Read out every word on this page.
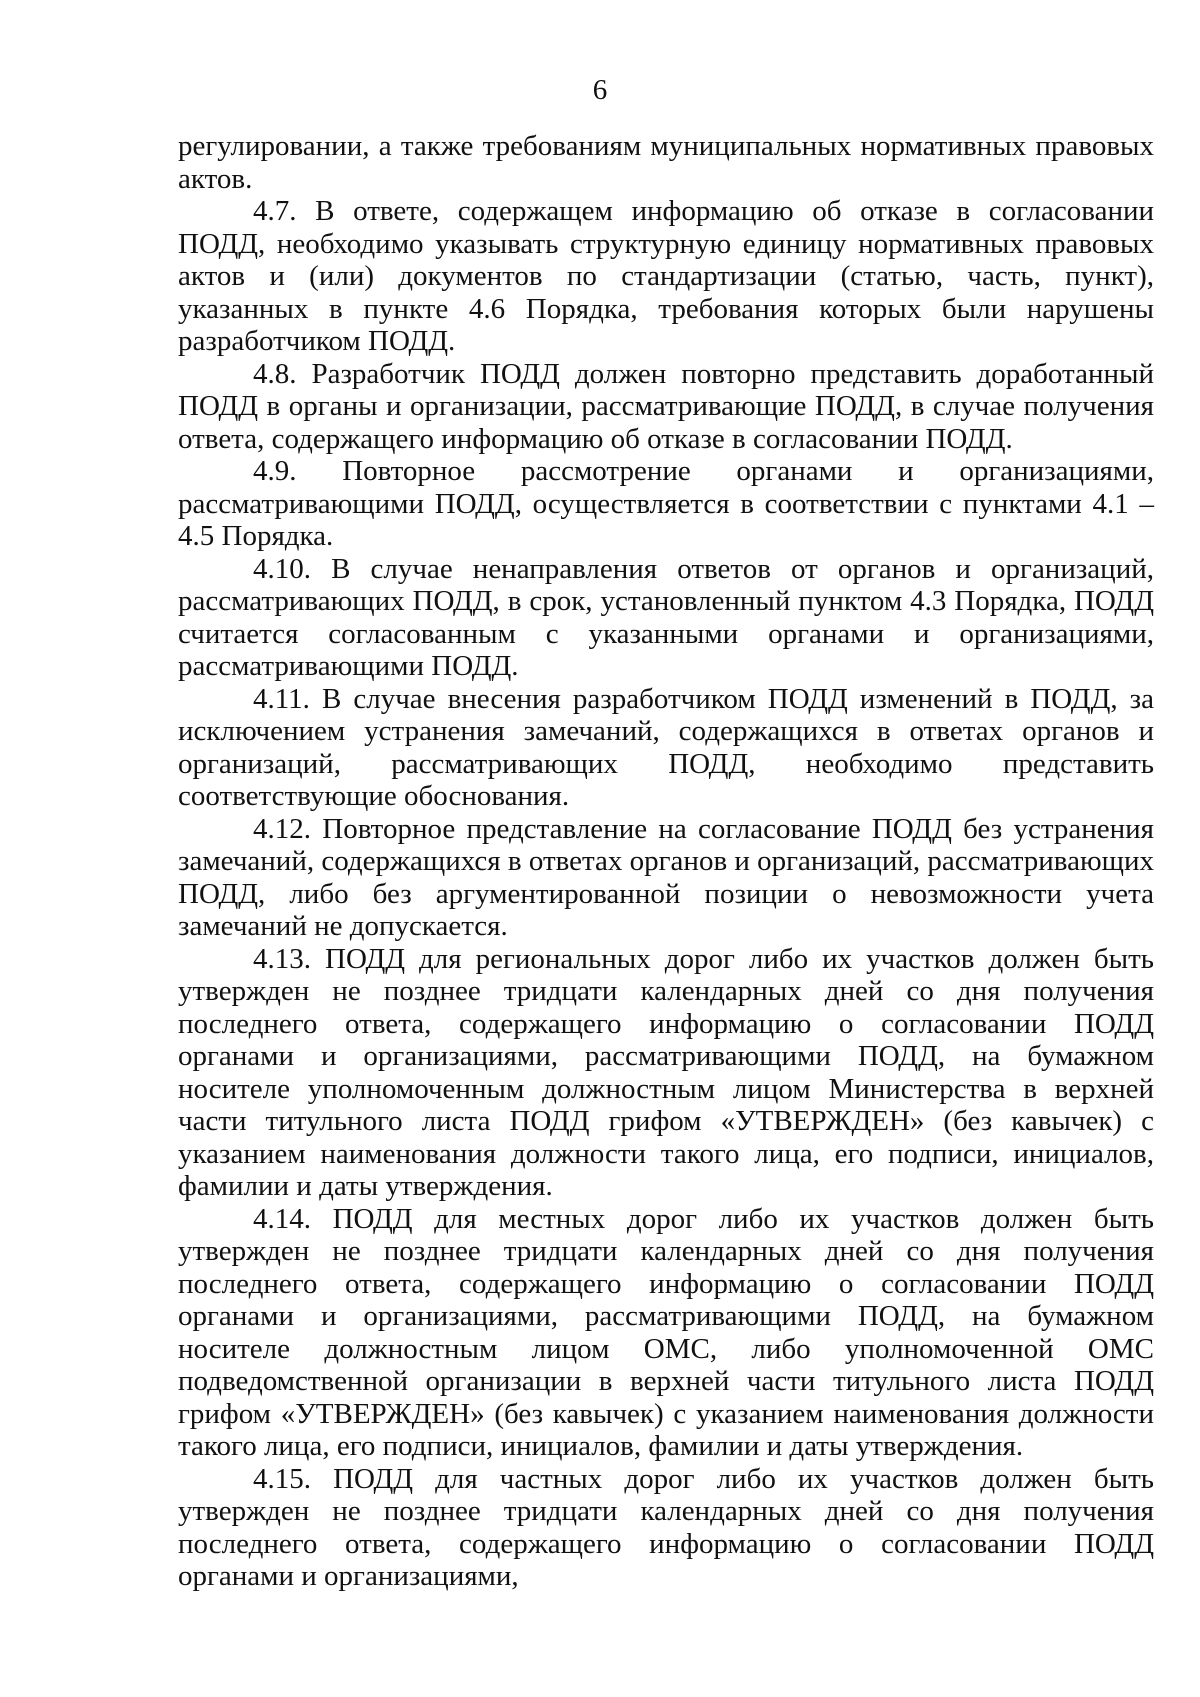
6

регулировании, а также требованиям муниципальных нормативных правовых актов.

4.7. В ответе, содержащем информацию об отказе в согласовании ПОДД, необходимо указывать структурную единицу нормативных правовых актов и (или) документов по стандартизации (статью, часть, пункт), указанных в пункте 4.6 Порядка, требования которых были нарушены разработчиком ПОДД.

4.8. Разработчик ПОДД должен повторно представить доработанный ПОДД в органы и организации, рассматривающие ПОДД, в случае получения ответа, содержащего информацию об отказе в согласовании ПОДД.

4.9. Повторное рассмотрение органами и организациями, рассматривающими ПОДД, осуществляется в соответствии с пунктами 4.1 – 4.5 Порядка.

4.10. В случае ненаправления ответов от органов и организаций, рассматривающих ПОДД, в срок, установленный пунктом 4.3 Порядка, ПОДД считается согласованным с указанными органами и организациями, рассматривающими ПОДД.

4.11. В случае внесения разработчиком ПОДД изменений в ПОДД, за исключением устранения замечаний, содержащихся в ответах органов и организаций, рассматривающих ПОДД, необходимо представить соответствующие обоснования.

4.12. Повторное представление на согласование ПОДД без устранения замечаний, содержащихся в ответах органов и организаций, рассматривающих ПОДД, либо без аргументированной позиции о невозможности учета замечаний не допускается.

4.13. ПОДД для региональных дорог либо их участков должен быть утвержден не позднее тридцати календарных дней со дня получения последнего ответа, содержащего информацию о согласовании ПОДД органами и организациями, рассматривающими ПОДД, на бумажном носителе уполномоченным должностным лицом Министерства в верхней части титульного листа ПОДД грифом «УТВЕРЖДЕН» (без кавычек) с указанием наименования должности такого лица, его подписи, инициалов, фамилии и даты утверждения.

4.14. ПОДД для местных дорог либо их участков должен быть утвержден не позднее тридцати календарных дней со дня получения последнего ответа, содержащего информацию о согласовании ПОДД органами и организациями, рассматривающими ПОДД, на бумажном носителе должностным лицом ОМС, либо уполномоченной ОМС подведомственной организации в верхней части титульного листа ПОДД грифом «УТВЕРЖДЕН» (без кавычек) с указанием наименования должности такого лица, его подписи, инициалов, фамилии и даты утверждения.

4.15. ПОДД для частных дорог либо их участков должен быть утвержден не позднее тридцати календарных дней со дня получения последнего ответа, содержащего информацию о согласовании ПОДД органами и организациями,
